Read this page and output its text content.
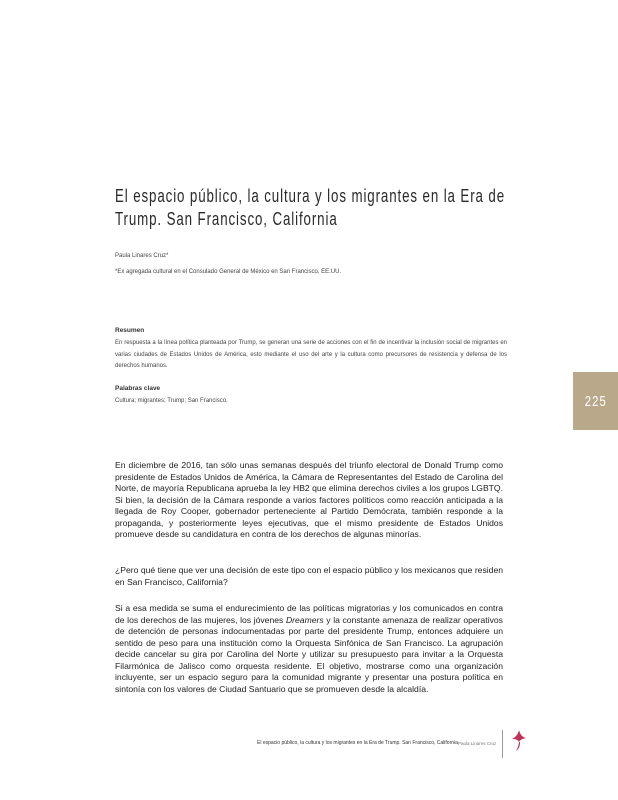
El espacio público, la cultura y los migrantes en la Era de Trump. San Francisco, California
Paula Linares Cruz*
*Ex agregada cultural en el Consulado General de México en San Francisco, EE.UU.
Resumen

En respuesta a la línea política planteada por Trump, se generan una serie de acciones con el fin de incentivar la inclusión social de migrantes en varias ciudades de Estados Unidos de América, esto mediante el uso del arte y la cultura como precursores de resistencia y defensa de los derechos humanos.

Palabras clave
Cultura; migrantes; Trump; San Francisco.	225

En diciembre de 2016, tan sólo unas semanas después del triunfo electoral de Donald Trump como presidente de Estados Unidos de América, la Cámara de Representantes del Estado de Carolina del Norte, de mayoría Republicana aprueba la ley HB2 que elimina derechos civiles a los grupos LGBTQ. Si bien, la decisión de la Cámara responde a varios factores políticos como reacción anticipada a la llegada de Roy Cooper, gobernador perteneciente al Partido Demócrata, también responde a la propaganda, y posteriormente leyes ejecutivas, que el mismo presidente de Estados Unidos promueve desde su candidatura en contra de los derechos de algunas minorías.

¿Pero qué tiene que ver una decisión de este tipo con el espacio público y los mexicanos que residen en San Francisco, California?

Si a esa medida se suma el endurecimiento de las políticas migratorias y los comunicados en contra de los derechos de las mujeres, los jóvenes Dreamers y la constante amenaza de realizar operativos de detención de personas indocumentadas por parte del presidente Trump, entonces adquiere un sentido de peso para una institución como la Orquesta Sinfónica de San Francisco. La agrupación decide cancelar su gira por Carolina del Norte y utilizar su presupuesto para invitar a la Orquesta Filarmónica de Jalisco como orquesta residente. El objetivo, mostrarse como una organización incluyente, ser un espacio seguro para la comunidad migrante y presentar una postura política en sintonía con los valores de Ciudad Santuario que se promueven desde la alcaldía.

El espacio público, la cultura y los migrantes en la Era de Trump. San Francisco, California Paula Linares Cruz
